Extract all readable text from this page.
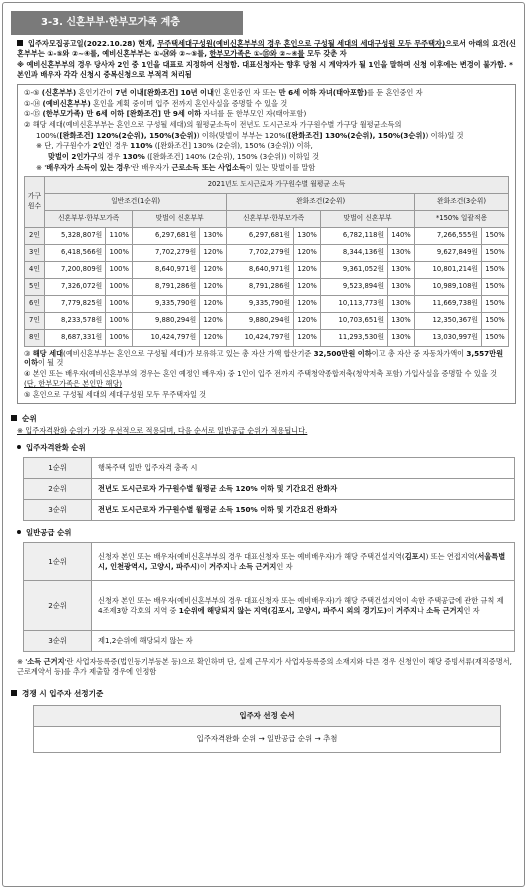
3-3. 신혼부부·한부모가족 계층

입주자모집공고일(2022.10.28) 현재, 무주택세대구성원(예비신혼부부의 경우 혼인으로 구성될 세대의 세대구성원 모두 무주택자)으로서 아래의 요건(신혼부부는 ①-⑤와 ②~④를, 예비신혼부부는 ①-⑭와 ②~⑤를, 한부모가족은 ①-⑮와 ②~④를 모두 갖춘 자

※ 예비신혼부부의 경우 당사자 2인 중 1인을 대표로 지정하여 신청함. 대표신청자는 향후 당첨 시 계약자가 될 1인을 말하며 신청 이후에는 변경이 불가함. *본인과 배우자 각각 신청시 중복신청으로 부적격 처리됨

①-⑤ (신혼부부) 혼인기간이 7년 이내[완화조건] 10년 이내인 혼인중인 자 또는 만 6세 이하 자녀(태아포함)를 둔 혼인중인 자

①-⑭ (예비신혼부부) 혼인을 계획 중이며 입주 전까지 혼인사실을 증명할 수 있을 것

①-⑮ (한부모가족) 만 6세 이하 [완화조건] 만 9세 이하 자녀를 둔 한부모인 자(태아포함)

② 해당 세대(예비신혼부부는 혼인으로 구성될 세대)의 월평균소득이 전년도 도시근로자 가구원수별 가구당 월평균소득의

100%([완화조건] 120%(2순위), 150%(3순위)) 이하(맞벌이 부부는 120%([완화조건] 130%(2순위), 150%(3순위)) 이하)일 것

※ 단, 가구원수가 2인인 경우 110% ([완화조건] 130% (2순위), 150% (3순위)) 이하,

맞벌이 2인가구의 경우 130% ([완화조건] 140% (2순위), 150% (3순위)) 이하일 것

※ '배우자가 소득이 있는 경우'란 배우자가 근로소득 또는 사업소득이 있는 맞벌이를 말함

가구원수	2021년도 도시근로자 가구원수별 월평균 소득									
	일반조건(1순위)				완화조건(2순위)				완화조건(3순위)	
	신혼부부·한부모가족		맞벌이 신혼부부		신혼부부·한부모가족		맞벌이 신혼부부		*150% 일괄적용	
2인	5,328,807원	110%	6,297,681원	130%	6,297,681원	130%	6,782,118원	140%	7,266,555원	150%
3인	6,418,566원	100%	7,702,279원	120%	7,702,279원	120%	8,344,136원	130%	9,627,849원	150%
4인	7,200,809원	100%	8,640,971원	120%	8,640,971원	120%	9,361,052원	130%	10,801,214원	150%
5인	7,326,072원	100%	8,791,286원	120%	8,791,286원	120%	9,523,894원	130%	10,989,108원	150%
6인	7,779,825원	100%	9,335,790원	120%	9,335,790원	120%	10,113,773원	130%	11,669,738원	150%
7인	8,233,578원	100%	9,880,294원	120%	9,880,294원	120%	10,703,651원	130%	12,350,367원	150%
8인	8,687,331원	100%	10,424,797원	120%	10,424,797원	120%	11,293,530원	130%	13,030,997원	150%

③ 해당 세대(예비신혼부부는 혼인으로 구성될 세대)가 보유하고 있는 총 자산 가액 합산기준 32,500만원 이하이고 총 자산 중 자동차가액이 3,557만원 이하이 될 것

④ 본인 또는 배우자(예비신혼부부의 경우는 혼인 예정인 배우자) 중 1인이 입주 전까지 주택청약종합저축(청약저축 포함) 가입사실을 증명할 수 있을 것 (단, 한부모가족은 본인만 해당)

⑤ 혼인으로 구성될 세대의 세대구성원 모두 무주택자일 것

순위

※ 입주자격완화 순위가 가장 우선적으로 적용되며, 다음 순서로 일반공급 순위가 적용됩니다.

입주자격완화 순위

1순위	행복주택 일반 입주자격 충족 시
2순위	전년도 도시근로자 가구원수별 월평균 소득 120% 이하 및 기간요건 완화자
3순위	전년도 도시근로자 가구원수별 월평균 소득 150% 이하 및 기간요건 완화자

일반공급 순위

1순위	신청자 본인 또는 배우자(예비신혼부부의 경우 대표신청자 또는 예비배우자)가 해당 주택건설지역(김포시) 또는 연접지역(서울특별시, 인천광역시, 고양시, 파주시)이 거주지나 소득 근거지인 자
2순위	신청자 본인 또는 배우자(예비신혼부부의 경우 대표신청자 또는 예비배우자)가 해당 주택건설지역이 속한 주택공급에 관한 규칙 제4조제3항 각호의 지역 중 1순위에 해당되지 않는 지역(김포시, 고양시, 파주시 외의 경기도)이 거주지나 소득 근거지인 자
3순위	제1,2순위에 해당되지 않는 자

※ '소득 근거지'란 사업자등록증(법인등기부등본 등)으로 확인하며 단, 실제 근무지가 사업자등록증의 소재지와 다른 경우 신청인이 해당 증빙서류(재직증명서, 근로계약서 등)를 추가 제출할 경우에 인정함

경쟁 시 입주자 선정기준

입주자 선정 순서
입주자격완화 순위 → 일반공급 순위 → 추첨
